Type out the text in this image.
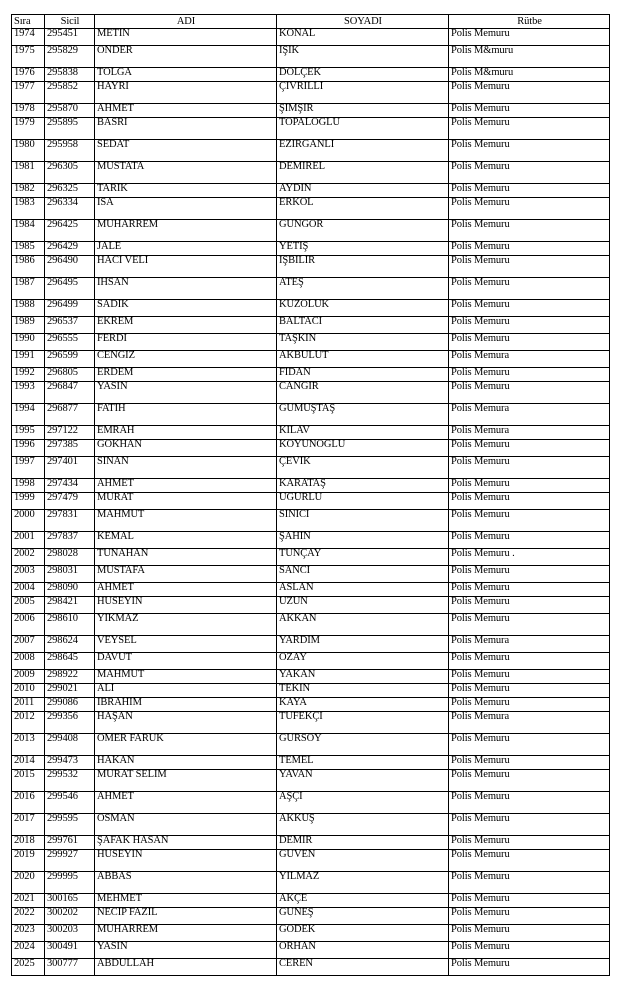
Sıra	Sicil	ADI	SOYADI	Rütbe
1974	295451	METIN	KONAL	Polis Memuru
1975	295829	ONDER	IŞIK	Polis M&muru
1976	295838	TOLGA	DOLÇEK	Polis M&muru
1977	295852	HAYRI	ÇIVRILLI	Polis Memuru
1978	295870	AHMET	ŞIMŞIR	Polis Memuru
1979	295895	BASRI	TOPALOGLU	Polis Memuru
1980	295958	SEDAT	EZIRGANLI	Polis Memuru
1981	296305	MUSTATA	DEMIREL	Polis Memuru
1982	296325	TARIK	AYDIN	Polis Memuru
1983	296334	ISA	ERKOL	Polis Memuru
1984	296425	MUHARREM	GUNGOR	Polis Memuru
1985	296429	JALE	YETIŞ	Polis Memuru
1986	296490	HACI VELI	IŞBILIR	Polis Memuru
1987	296495	IHSAN	ATEŞ	Polis Memuru
1988	296499	SADIK	KUZOLUK	Polis Memuru
1989	296537	EKREM	BALTACI	Polis Memuru
1990	296555	FERDI	TAŞKIN	Polis Memuru
1991	296599	CENGIZ	AKBULUT	Polis Memura
1992	296805	ERDEM	FIDAN	Polis Memuru
1993	296847	YASIN	CANGIR	Polis Memuru
1994	296877	FATIH	GUMUŞTAŞ	Polis Memura
1995	297122	EMRAH	KILAV	Polis Memura
1996	297385	GOKHAN	KOYUNOGLU	Polis Memuru
1997	297401	SINAN	ÇEVIK	Polis Memuru
1998	297434	AHMET	KARATAŞ	Polis Memuru
1999	297479	MURAT	UGURLU	Polis Memuru
2000	297831	MAHMUT	SINICI	Polis Memuru
2001	297837	KEMAL	ŞAHIN	Polis Memuru
2002	298028	TUNAHAN	TUNÇAY	Polis Memuru .
2003	298031	MUSTAFA	SANCI	Polis Memuru
2004	298090	AHMET	ASLAN	Polis Memuru
2005	298421	HUSEYIN	UZUN	Polis Memuru
2006	298610	YIKMAZ	AKKAN	Polis Memuru
2007	298624	VEYSEL	YARDIM	Polis Memura
2008	298645	DAVUT	OZAY	Polis Memuru
2009	298922	MAHMUT	YAKAN	Polis Memuru
2010	299021	ALI	TEKIN	Polis Memuru
2011	299086	IBRAHIM	KAYA	Polis Memuru
2012	299356	HAŞAN	TUFEKÇI	Polis Memura
2013	299408	OMER FARUK	GURSOY	Polis Memuru
2014	299473	HAKAN	TEMEL	Polis Memuru
2015	299532	MURAT SELIM	YAVAN	Polis Memuru
2016	299546	AHMET	AŞÇI	Polis Memuru
2017	299595	OSMAN	AKKUŞ	Polis Memuru
2018	299761	ŞAFAK HASAN	DEMIR	Polis Memuru
2019	299927	HUSEYIN	GUVEN	Polis Memuru
2020	299995	ABBAS	YILMAZ	Polis Memuru
2021	300165	MEHMET	AKÇE	Polis Memuru
2022	300202	NECIP FAZIL	GUNEŞ	Polis Memuru
2023	300203	MUHARREM	GODEK	Polis Memuru
2024	300491	YASIN	ORHAN	Polis Memuru
2025	300777	ABDULLAH	CEREN	Polis Memuru
